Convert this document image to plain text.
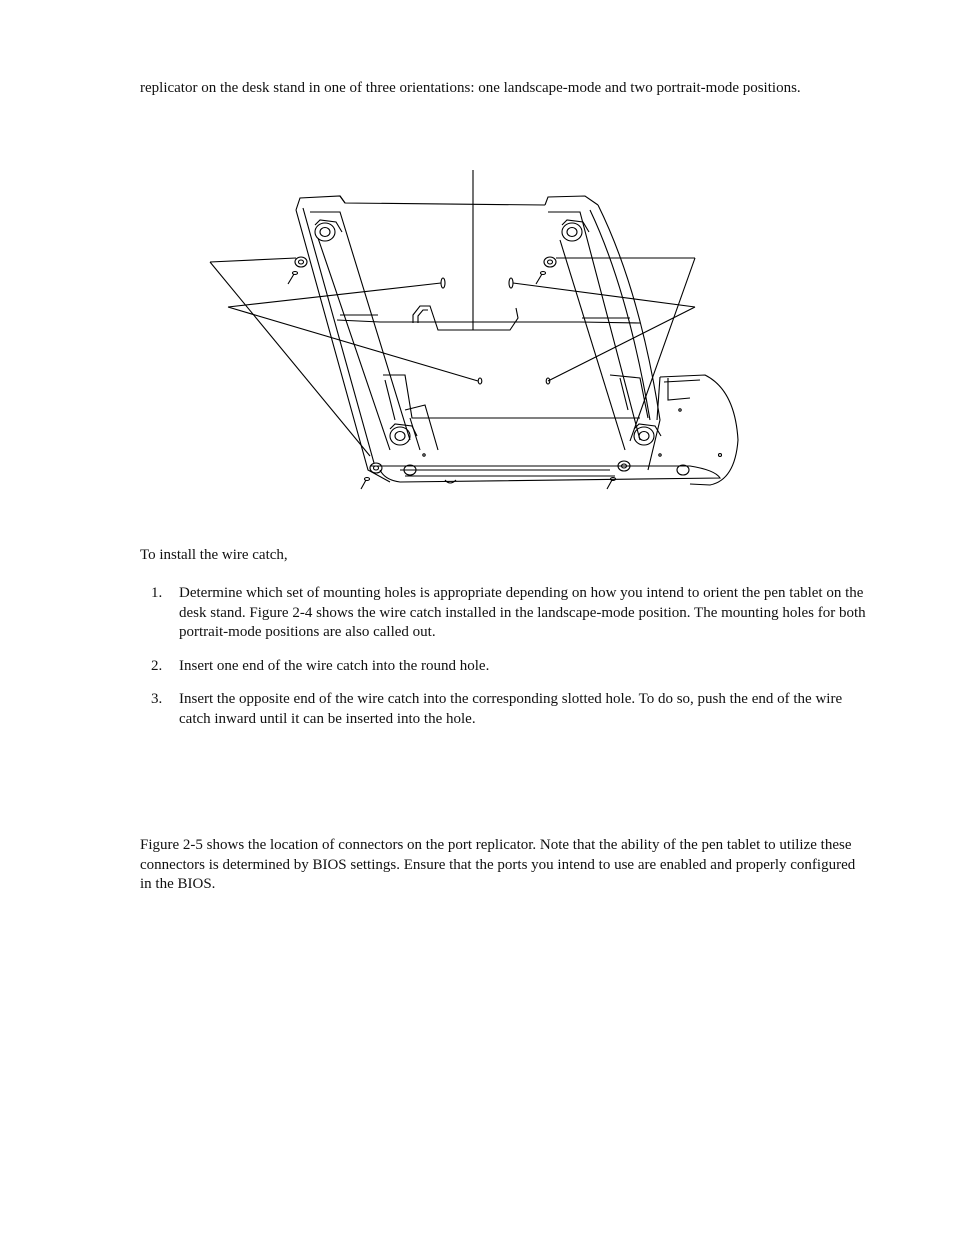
replicator on the desk stand in one of three orientations: one landscape-mode and two portrait-mode positions.

To install the wire catch,

1. Determine which set of mounting holes is appropriate depending on how you intend to orient the pen tablet on the desk stand. Figure 2-4 shows the wire catch installed in the landscape-mode position. The mounting holes for both portrait-mode positions are also called out.
2. Insert one end of the wire catch into the round hole.
3. Insert the opposite end of the wire catch into the corresponding slotted hole. To do so, push the end of the wire catch inward until it can be inserted into the hole.

Figure 2-5 shows the location of connectors on the port replicator. Note that the ability of the pen tablet to utilize these connectors is determined by BIOS settings. Ensure that the ports you intend to use are enabled and properly configured in the BIOS.
